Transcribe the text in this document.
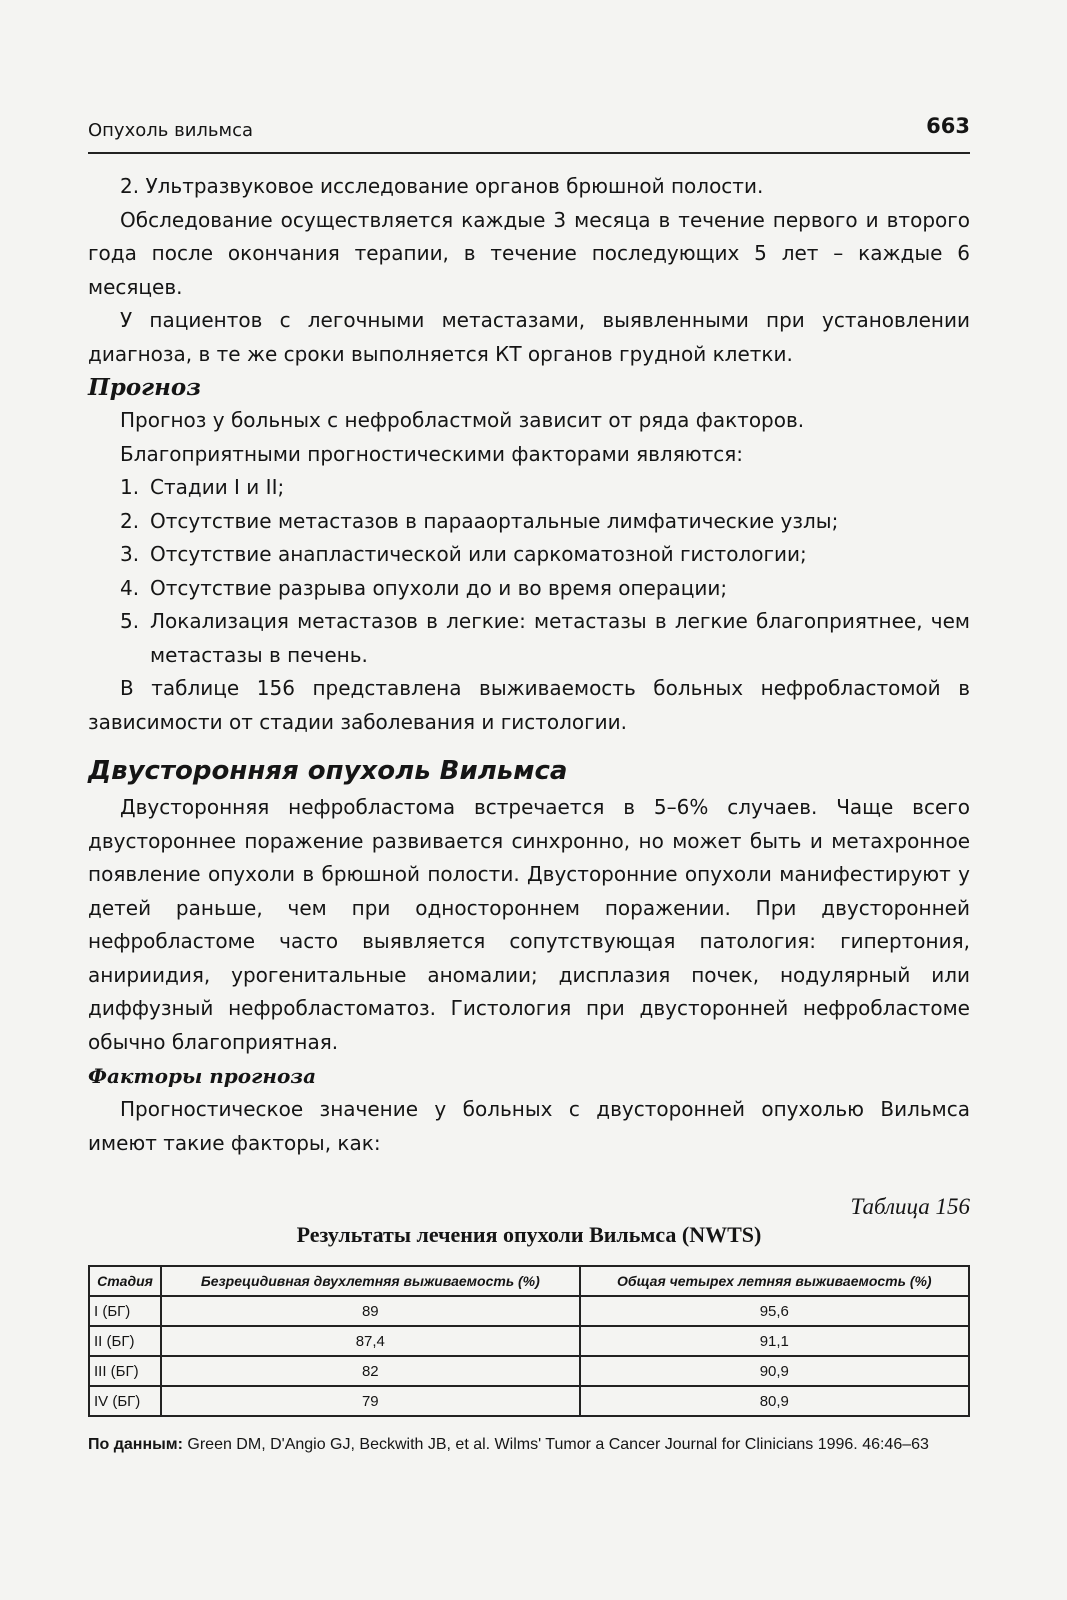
Опухоль вильмса	663

2. Ультразвуковое исследование органов брюшной полости.

Обследование осуществляется каждые 3 месяца в течение первого и второго года после окончания терапии, в течение последующих 5 лет – каждые 6 месяцев.

У пациентов с легочными метастазами, выявленными при установлении диагноза, в те же сроки выполняется КТ органов грудной клетки.

Прогноз

Прогноз у больных с нефробластмой зависит от ряда факторов.

Благоприятными прогностическими факторами являются:

1. Стадии I и II;

2. Отсутствие метастазов в парааортальные лимфатические узлы;

3. Отсутствие анапластической или саркоматозной гистологии;

4. Отсутствие разрыва опухоли до и во время операции;

5. Локализация метастазов в легкие: метастазы в легкие благоприятнее, чем метастазы в печень.

В таблице 156 представлена выживаемость больных нефробластомой в зависимости от стадии заболевания и гистологии.

Двусторонняя опухоль Вильмса

Двусторонняя нефробластома встречается в 5–6% случаев. Чаще всего двустороннее поражение развивается синхронно, но может быть и метахронное появление опухоли в брюшной полости. Двусторонние опухоли манифестируют у детей раньше, чем при одностороннем поражении. При двусторонней нефробластоме часто выявляется сопутствующая патология: гипертония, анириидия, урогенитальные аномалии; дисплазия почек, нодулярный или диффузный нефробластоматоз. Гистология при двусторонней нефробластоме обычно благоприятная.

Факторы прогноза

Прогностическое значение у больных с двусторонней опухолью Вильмса имеют такие факторы, как:

Таблица 156
Результаты лечения опухоли Вильмса (NWTS)
Стадия	Безрецидивная двухлетняя выживаемость (%)	Общая четырех летняя выживаемость (%)
I (БГ)	89	95,6
II (БГ)	87,4	91,1
III (БГ)	82	90,9
IV (БГ)	79	80,9
По данным: Green DM, D'Angio GJ, Beckwith JB, et al. Wilms' Tumor a Cancer Journal for Clinicians 1996. 46:46–63
